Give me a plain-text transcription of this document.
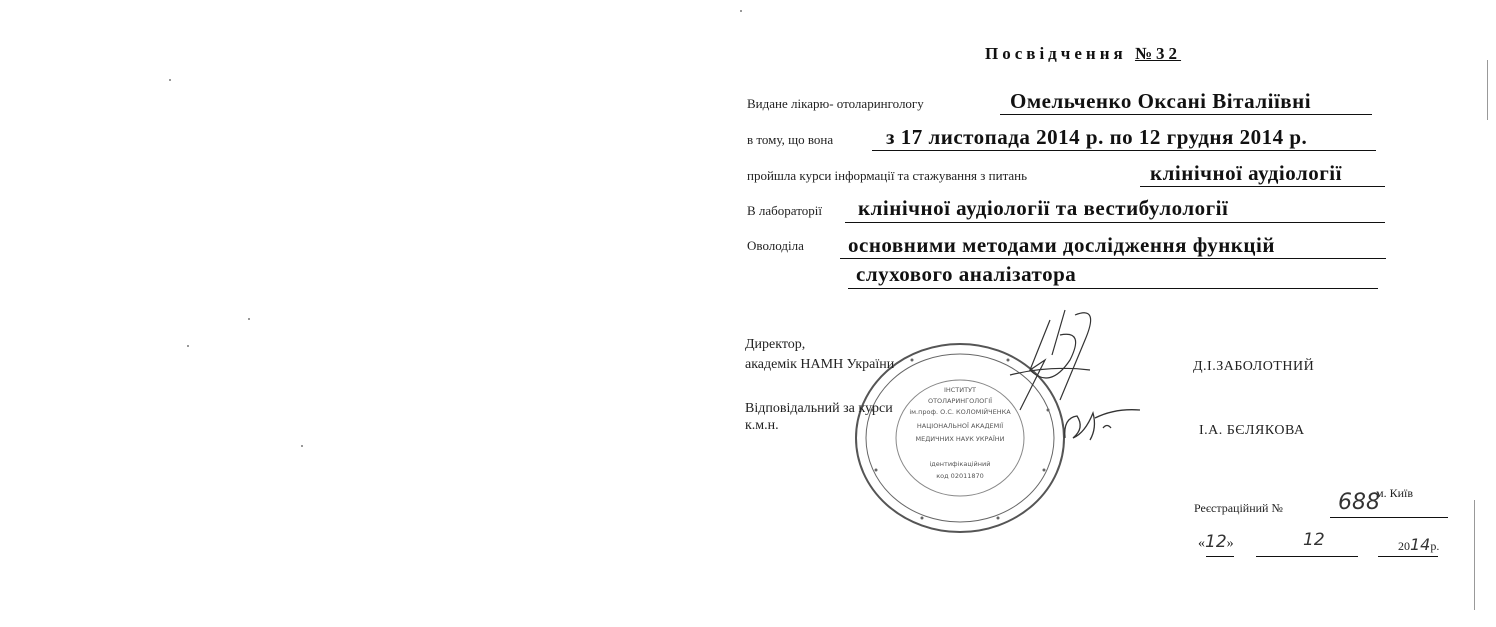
Посвідчення №32
Видане лікарю- отоларингологу	Омельченко Оксані Віталіївні
в тому, що вона	з 17 листопада 2014 р. по 12 грудня 2014 р.
пройшла курси інформації та стажування з питань	клінічної аудіології
В лабораторії клінічної аудіології та вестибулології
Оволоділа основними методами дослідження функцій
слухового аналізатора
ІНСТИТУТ
ОТОЛАРИНГОЛОГІЇ
ім.проф. О.С. КОЛОМІЙЧЕНКА
НАЦІОНАЛЬНОЇ АКАДЕМІЇ
МЕДИЧНИХ НАУК УКРАЇНИ
ідентифікаційний
код 02011870
Директор,
академік НАМН України	Д.І.ЗАБОЛОТНИЙ
Відповідальний за курси
к.м.н.	І.А. БЄЛЯКОВА
м. Київ
Реєстраційний №	688
«12»	12	2014р.
